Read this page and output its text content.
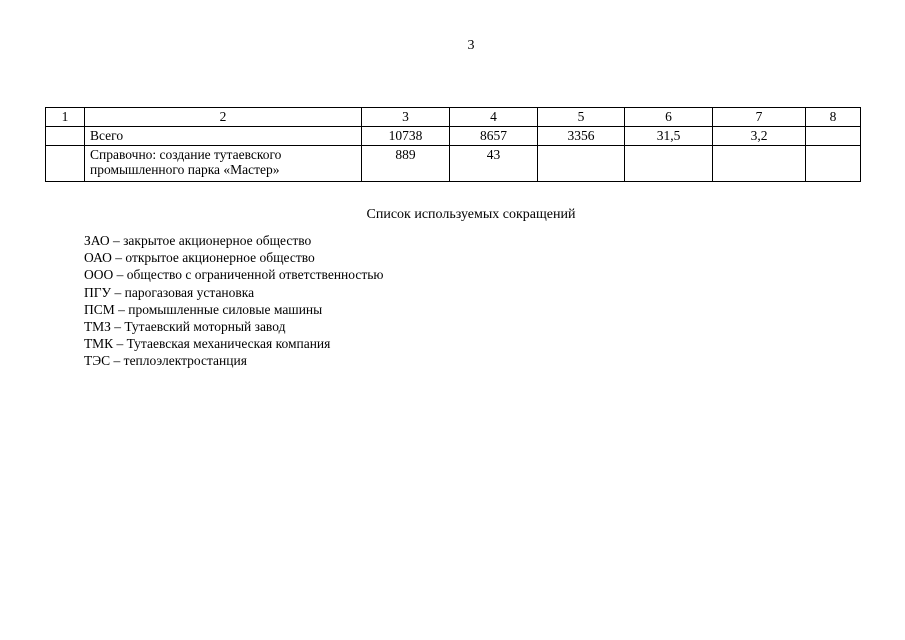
3
1	2	3	4	5	6	7	8
	Всего	10738	8657	3356	31,5	3,2	
	Справочно: создание тутаевского промышленного парка «Мастер»	889	43				
Список используемых сокращений
ЗАО – закрытое акционерное общество
ОАО – открытое акционерное общество
ООО – общество с ограниченной ответственностью
ПГУ – парогазовая установка
ПСМ – промышленные силовые машины
ТМЗ – Тутаевский моторный завод
ТМК – Тутаевская механическая компания
ТЭС – теплоэлектростанция
